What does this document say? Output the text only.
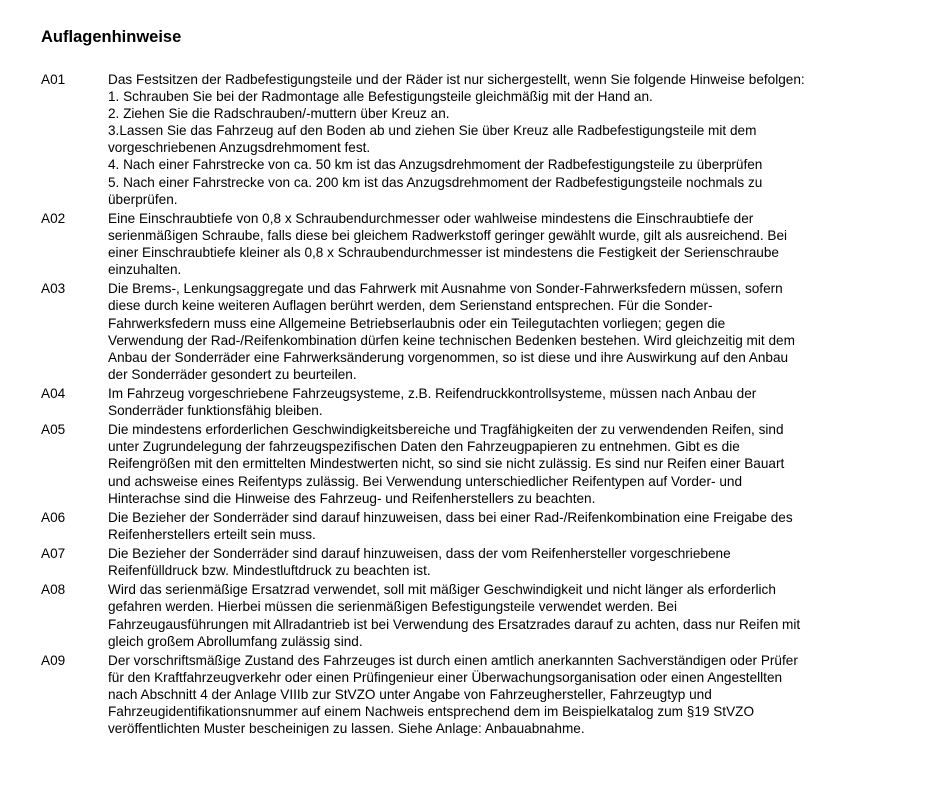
Auflagenhinweise
A01	Das Festsitzen der Radbefestigungsteile und der Räder ist nur sichergestellt, wenn Sie folgende Hinweise befolgen:
1. Schrauben Sie bei der Radmontage alle Befestigungsteile gleichmäßig mit der Hand an.
2. Ziehen Sie die Radschrauben/-muttern über Kreuz an.
3.Lassen Sie das Fahrzeug auf den Boden ab und ziehen Sie über Kreuz alle Radbefestigungsteile mit dem
vorgeschriebenen Anzugsdrehmoment fest.
4. Nach einer Fahrstrecke von ca. 50 km ist das Anzugsdrehmoment der Radbefestigungsteile zu überprüfen
5. Nach einer Fahrstrecke von ca. 200 km ist das Anzugsdrehmoment der Radbefestigungsteile nochmals zu
überprüfen.
A02	Eine Einschraubtiefe von 0,8 x Schraubendurchmesser oder wahlweise mindestens die Einschraubtiefe der
serienmäßigen Schraube, falls diese bei gleichem Radwerkstoff geringer gewählt wurde, gilt als ausreichend. Bei
einer Einschraubtiefe kleiner als 0,8 x Schraubendurchmesser ist mindestens die Festigkeit der Serienschraube
einzuhalten.
A03	Die Brems-, Lenkungsaggregate und das Fahrwerk mit Ausnahme von Sonder-Fahrwerksfedern müssen, sofern
diese durch keine weiteren Auflagen berührt werden, dem Serienstand entsprechen. Für die Sonder-
Fahrwerksfedern muss eine Allgemeine Betriebserlaubnis oder ein Teilegutachten vorliegen; gegen die
Verwendung der Rad-/Reifenkombination dürfen keine technischen Bedenken bestehen. Wird gleichzeitig mit dem
Anbau der Sonderräder eine Fahrwerksänderung vorgenommen, so ist diese und ihre Auswirkung auf den Anbau
der Sonderräder gesondert zu beurteilen.
A04	Im Fahrzeug vorgeschriebene Fahrzeugsysteme, z.B. Reifendruckkontrollsysteme, müssen nach Anbau der
Sonderräder funktionsfähig bleiben.
A05	Die mindestens erforderlichen Geschwindigkeitsbereiche und Tragfähigkeiten der zu verwendenden Reifen, sind
unter Zugrundelegung der fahrzeugspezifischen Daten den Fahrzeugpapieren zu entnehmen. Gibt es die
Reifengrößen mit den ermittelten Mindestwerten nicht, so sind sie nicht zulässig. Es sind nur Reifen einer Bauart
und achsweise eines Reifentyps zulässig. Bei Verwendung unterschiedlicher Reifentypen auf Vorder- und
Hinterachse sind die Hinweise des Fahrzeug- und Reifenherstellers zu beachten.
A06	Die Bezieher der Sonderräder sind darauf hinzuweisen, dass bei einer Rad-/Reifenkombination eine Freigabe des
Reifenherstellers erteilt sein muss.
A07	Die Bezieher der Sonderräder sind darauf hinzuweisen, dass der vom Reifenhersteller vorgeschriebene
Reifenfülldruck bzw. Mindestluftdruck zu beachten ist.
A08	Wird das serienmäßige Ersatzrad verwendet, soll mit mäßiger Geschwindigkeit und nicht länger als erforderlich
gefahren werden. Hierbei müssen die serienmäßigen Befestigungsteile verwendet werden. Bei
Fahrzeugausführungen mit Allradantrieb ist bei Verwendung des Ersatzrades darauf zu achten, dass nur Reifen mit
gleich großem Abrollumfang zulässig sind.
A09	Der vorschriftsmäßige Zustand des Fahrzeuges ist durch einen amtlich anerkannten Sachverständigen oder Prüfer
für den Kraftfahrzeugverkehr oder einen Prüfingenieur einer Überwachungsorganisation oder einen Angestellten
nach Abschnitt 4 der Anlage VIIIb zur StVZO unter Angabe von Fahrzeughersteller, Fahrzeugtyp und
Fahrzeugidentifikationsnummer auf einem Nachweis entsprechend dem im Beispielkatalog zum §19 StVZO
veröffentlichten Muster bescheinigen zu lassen. Siehe Anlage: Anbauabnahme.
